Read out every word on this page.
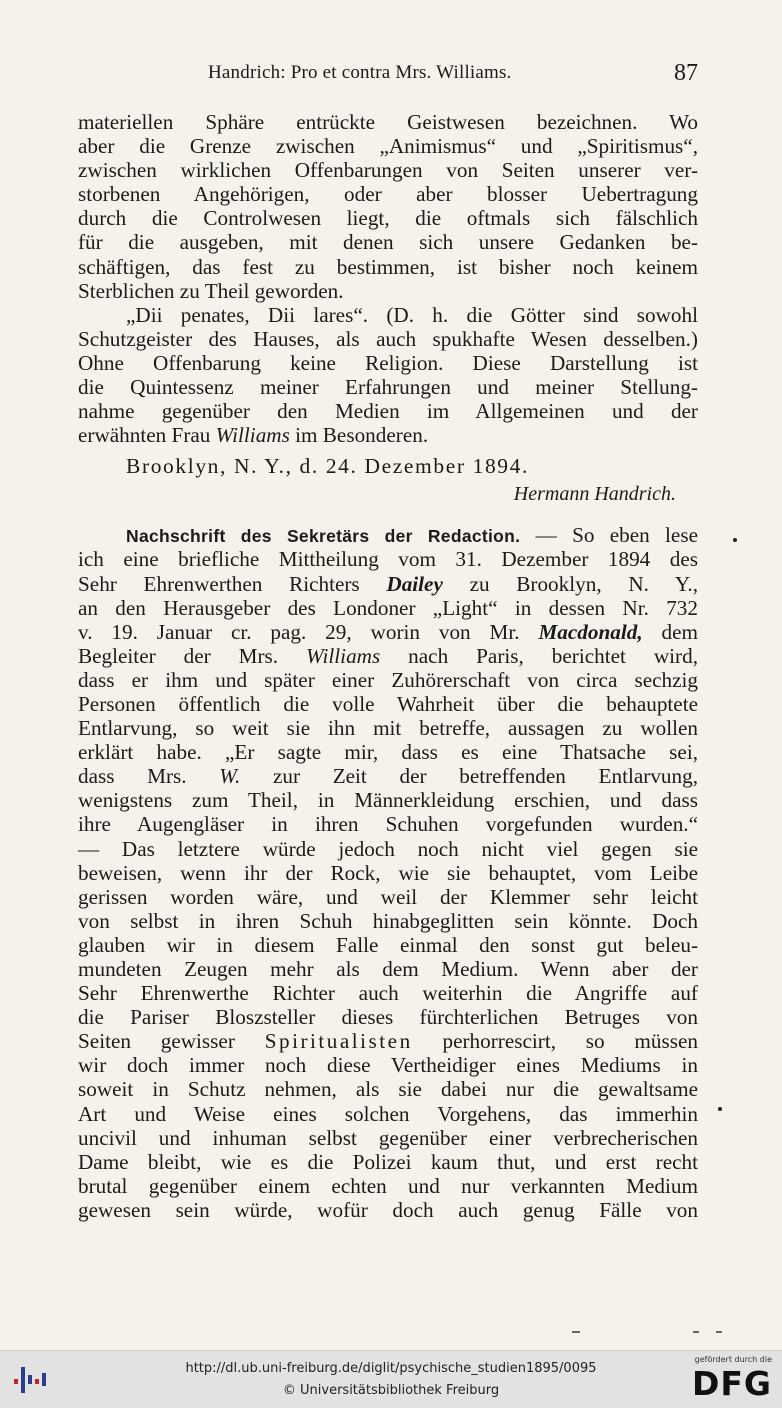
Handrich: Pro et contra Mrs. Williams.	87
materiellen Sphäre entrückte Geistwesen bezeichnen. Wo
aber die Grenze zwischen „Animismus“ und „Spiritismus“,
zwischen wirklichen Offenbarungen von Seiten unserer ver-
storbenen Angehörigen, oder aber blosser Uebertragung
durch die Controlwesen liegt, die oftmals sich fälschlich
für die ausgeben, mit denen sich unsere Gedanken be-
schäftigen, das fest zu bestimmen, ist bisher noch keinem
Sterblichen zu Theil geworden.
„Dii penates, Dii lares“. (D. h. die Götter sind sowohl
Schutzgeister des Hauses, als auch spukhafte Wesen desselben.)
Ohne Offenbarung keine Religion. Diese Darstellung ist
die Quintessenz meiner Erfahrungen und meiner Stellung-
nahme gegenüber den Medien im Allgemeinen und der
erwähnten Frau Williams im Besonderen.
Brooklyn, N. Y., d. 24. Dezember 1894.
Hermann Handrich.
Nachschrift des Sekretärs der Redaction. — So eben lese
ich eine briefliche Mittheilung vom 31. Dezember 1894 des
Sehr Ehrenwerthen Richters Dailey zu Brooklyn, N. Y.,
an den Herausgeber des Londoner „Light“ in dessen Nr. 732
v. 19. Januar cr. pag. 29, worin von Mr. Macdonald, dem
Begleiter der Mrs. Williams nach Paris, berichtet wird,
dass er ihm und später einer Zuhörerschaft von circa sechzig
Personen öffentlich die volle Wahrheit über die behauptete
Entlarvung, so weit sie ihn mit betreffe, aussagen zu wollen
erklärt habe. „Er sagte mir, dass es eine Thatsache sei,
dass Mrs. W. zur Zeit der betreffenden Entlarvung,
wenigstens zum Theil, in Männerkleidung erschien, und dass
ihre Augengläser in ihren Schuhen vorgefunden wurden.“
— Das letztere würde jedoch noch nicht viel gegen sie
beweisen, wenn ihr der Rock, wie sie behauptet, vom Leibe
gerissen worden wäre, und weil der Klemmer sehr leicht
von selbst in ihren Schuh hinabgeglitten sein könnte. Doch
glauben wir in diesem Falle einmal den sonst gut beleu-
mundeten Zeugen mehr als dem Medium. Wenn aber der
Sehr Ehrenwerthe Richter auch weiterhin die Angriffe auf
die Pariser Bloszsteller dieses fürchterlichen Betruges von
Seiten gewisser Spiritualisten perhorrescirt, so müssen
wir doch immer noch diese Vertheidiger eines Mediums in
soweit in Schutz nehmen, als sie dabei nur die gewaltsame
Art und Weise eines solchen Vorgehens, das immerhin
uncivil und inhuman selbst gegenüber einer verbrecherischen
Dame bleibt, wie es die Polizei kaum thut, und erst recht
brutal gegenüber einem echten und nur verkannten Medium
gewesen sein würde, wofür doch auch genug Fälle von
http://dl.ub.uni-freiburg.de/diglit/psychische_studien1895/0095
© Universitätsbibliothek Freiburg
gefördert durch die
DFG
